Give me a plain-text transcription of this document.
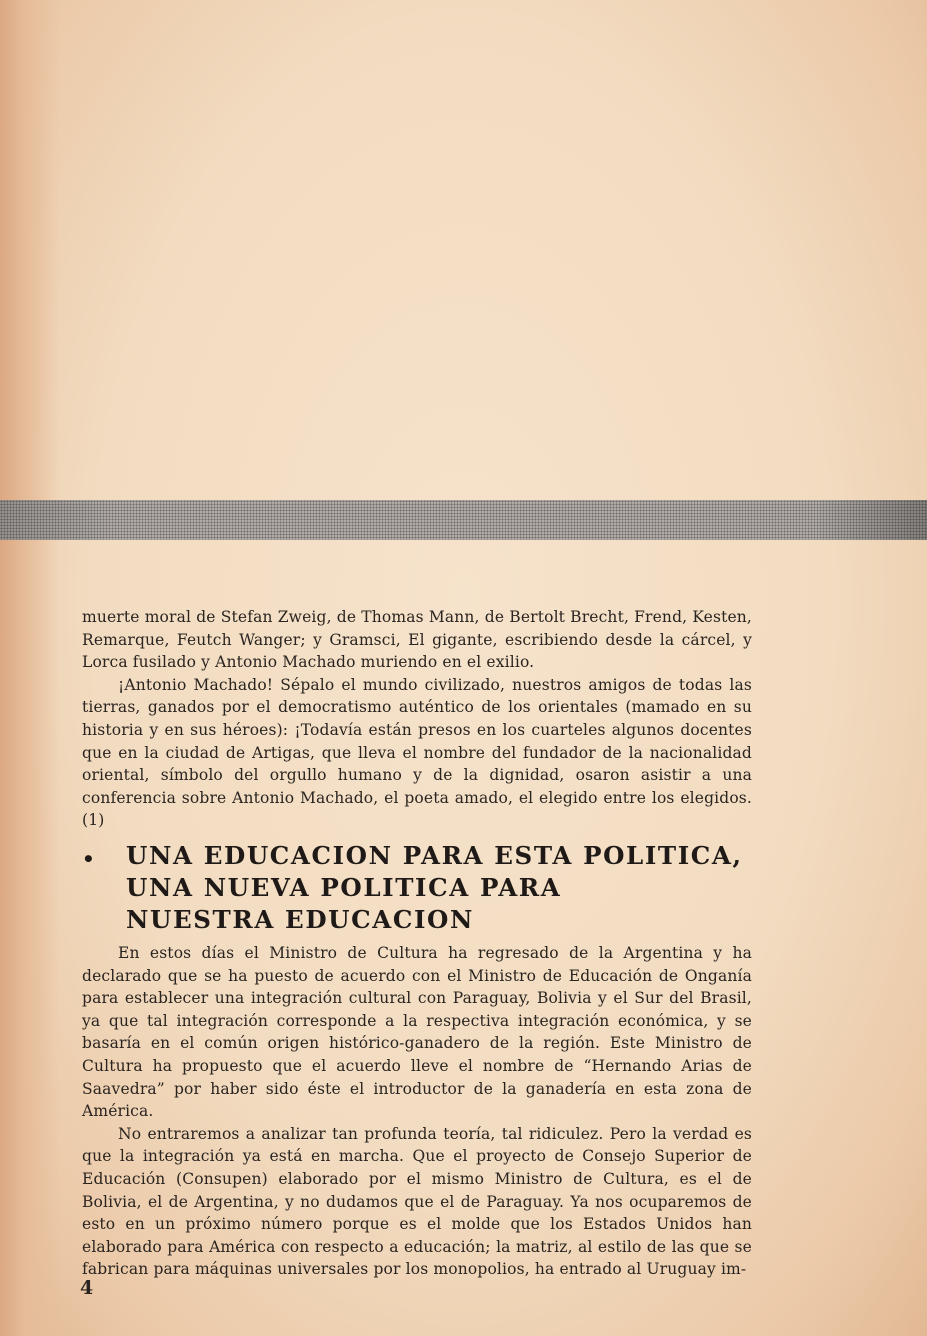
muerte moral de Stefan Zweig, de Thomas Mann, de Bertolt Brecht, Frend, Kesten, Remarque, Feutch Wanger; y Gramsci, El gigante, escribiendo desde la cárcel, y Lorca fusilado y Antonio Machado muriendo en el exilio.

¡Antonio Machado! Sépalo el mundo civilizado, nuestros amigos de todas las tierras, ganados por el democratismo auténtico de los orientales (mamado en su historia y en sus héroes): ¡Todavía están presos en los cuarteles algunos docentes que en la ciudad de Artigas, que lleva el nombre del fundador de la nacionalidad oriental, símbolo del orgullo humano y de la dignidad, osaron asistir a una conferencia sobre Antonio Machado, el poeta amado, el elegido entre los elegidos. (1)

• UNA EDUCACION PARA ESTA POLITICA,
UNA NUEVA POLITICA PARA
NUESTRA EDUCACION

En estos días el Ministro de Cultura ha regresado de la Argentina y ha declarado que se ha puesto de acuerdo con el Ministro de Educación de Onganía para establecer una integración cultural con Paraguay, Bolivia y el Sur del Brasil, ya que tal integración corresponde a la respectiva integración económica, y se basaría en el común origen histórico-ganadero de la región. Este Ministro de Cultura ha propuesto que el acuerdo lleve el nombre de “Hernando Arias de Saavedra” por haber sido éste el introductor de la ganadería en esta zona de América.

No entraremos a analizar tan profunda teoría, tal ridiculez. Pero la verdad es que la integración ya está en marcha. Que el proyecto de Consejo Superior de Educación (Consupen) elaborado por el mismo Ministro de Cultura, es el de Bolivia, el de Argentina, y no dudamos que el de Paraguay. Ya nos ocuparemos de esto en un próximo número porque es el molde que los Estados Unidos han elaborado para América con respecto a educación; la matriz, al estilo de las que se fabrican para máquinas universales por los monopolios, ha entrado al Uruguay im-

4
